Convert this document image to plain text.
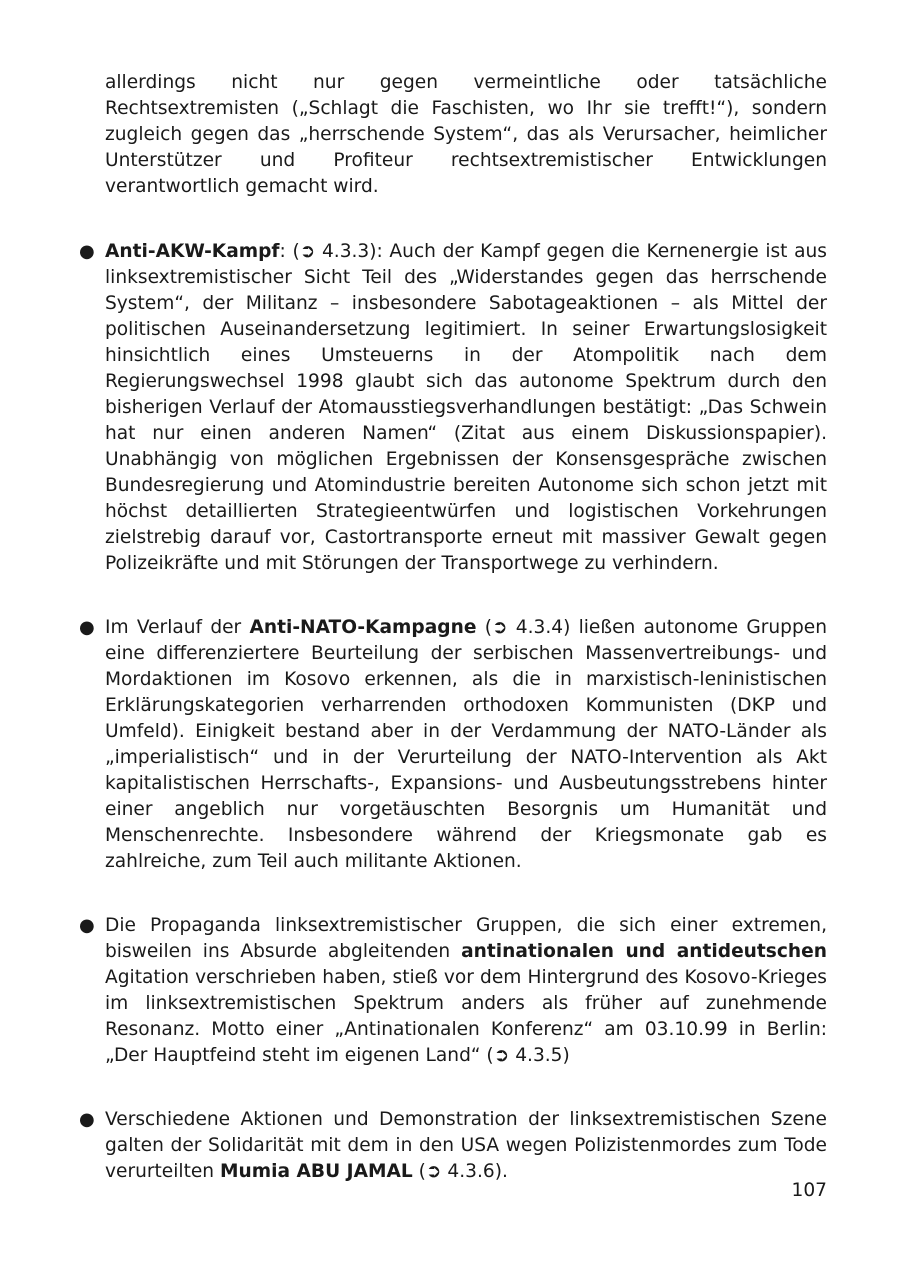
allerdings nicht nur gegen vermeintliche oder tatsächliche Rechtsextremisten („Schlagt die Faschisten, wo Ihr sie trefft!“), sondern zugleich gegen das „herrschende System“, das als Verursacher, heimlicher Unterstützer und Profiteur rechtsextremistischer Entwicklungen verantwortlich gemacht wird.

● Anti-AKW-Kampf: (➲ 4.3.3): Auch der Kampf gegen die Kernenergie ist aus linksextremistischer Sicht Teil des „Widerstandes gegen das herrschende System“, der Militanz – insbesondere Sabotageaktionen – als Mittel der politischen Auseinandersetzung legitimiert. In seiner Erwartungslosigkeit hinsichtlich eines Umsteuerns in der Atompolitik nach dem Regierungswechsel 1998 glaubt sich das autonome Spektrum durch den bisherigen Verlauf der Atomausstiegsverhandlungen bestätigt: „Das Schwein hat nur einen anderen Namen“ (Zitat aus einem Diskussionspapier). Unabhängig von möglichen Ergebnissen der Konsensgespräche zwischen Bundesregierung und Atomindustrie bereiten Autonome sich schon jetzt mit höchst detaillierten Strategieentwürfen und logistischen Vorkehrungen zielstrebig darauf vor, Castortransporte erneut mit massiver Gewalt gegen Polizeikräfte und mit Störungen der Transportwege zu verhindern.

● Im Verlauf der Anti-NATO-Kampagne (➲ 4.3.4) ließen autonome Gruppen eine differenziertere Beurteilung der serbischen Massenvertreibungs- und Mordaktionen im Kosovo erkennen, als die in marxistisch-leninistischen Erklärungskategorien verharrenden orthodoxen Kommunisten (DKP und Umfeld). Einigkeit bestand aber in der Verdammung der NATO-Länder als „imperialistisch“ und in der Verurteilung der NATO-Intervention als Akt kapitalistischen Herrschafts-, Expansions- und Ausbeutungsstrebens hinter einer angeblich nur vorgetäuschten Besorgnis um Humanität und Menschenrechte. Insbesondere während der Kriegsmonate gab es zahlreiche, zum Teil auch militante Aktionen.

● Die Propaganda linksextremistischer Gruppen, die sich einer extremen, bisweilen ins Absurde abgleitenden antinationalen und antideutschen Agitation verschrieben haben, stieß vor dem Hintergrund des Kosovo-Krieges im linksextremistischen Spektrum anders als früher auf zunehmende Resonanz. Motto einer „Antinationalen Konferenz“ am 03.10.99 in Berlin: „Der Hauptfeind steht im eigenen Land“ (➲ 4.3.5)

● Verschiedene Aktionen und Demonstration der linksextremistischen Szene galten der Solidarität mit dem in den USA wegen Polizistenmordes zum Tode verurteilten Mumia ABU JAMAL (➲ 4.3.6).

107
